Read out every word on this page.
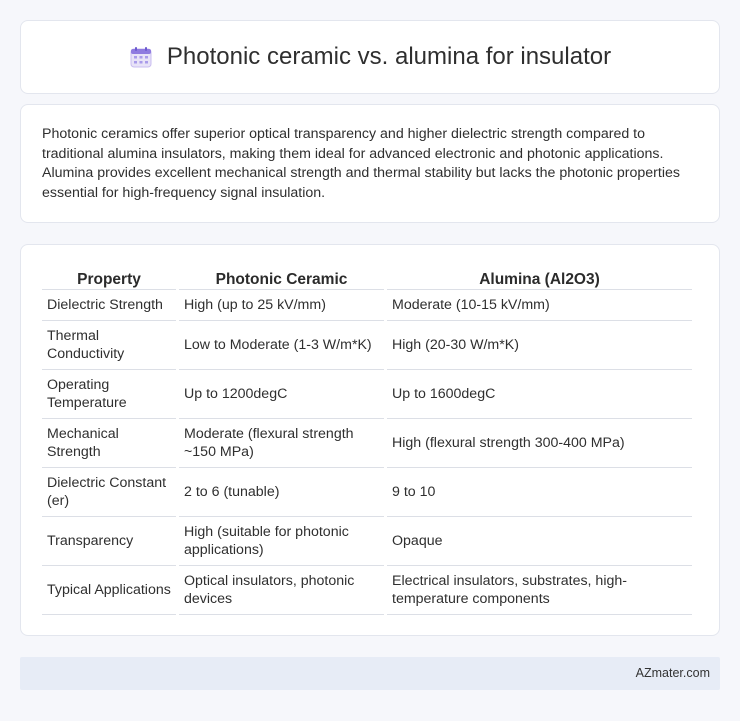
Photonic ceramic vs. alumina for insulator

Photonic ceramics offer superior optical transparency and higher dielectric strength compared to traditional alumina insulators, making them ideal for advanced electronic and photonic applications. Alumina provides excellent mechanical strength and thermal stability but lacks the photonic properties essential for high-frequency signal insulation.

Property	Photonic Ceramic	Alumina (Al2O3)
Dielectric Strength	High (up to 25 kV/mm)	Moderate (10-15 kV/mm)
Thermal Conductivity	Low to Moderate (1-3 W/m*K)	High (20-30 W/m*K)
Operating Temperature	Up to 1200degC	Up to 1600degC
Mechanical Strength	Moderate (flexural strength ~150 MPa)	High (flexural strength 300-400 MPa)
Dielectric Constant (er)	2 to 6 (tunable)	9 to 10
Transparency	High (suitable for photonic applications)	Opaque
Typical Applications	Optical insulators, photonic devices	Electrical insulators, substrates, high-temperature components
AZmater.com
